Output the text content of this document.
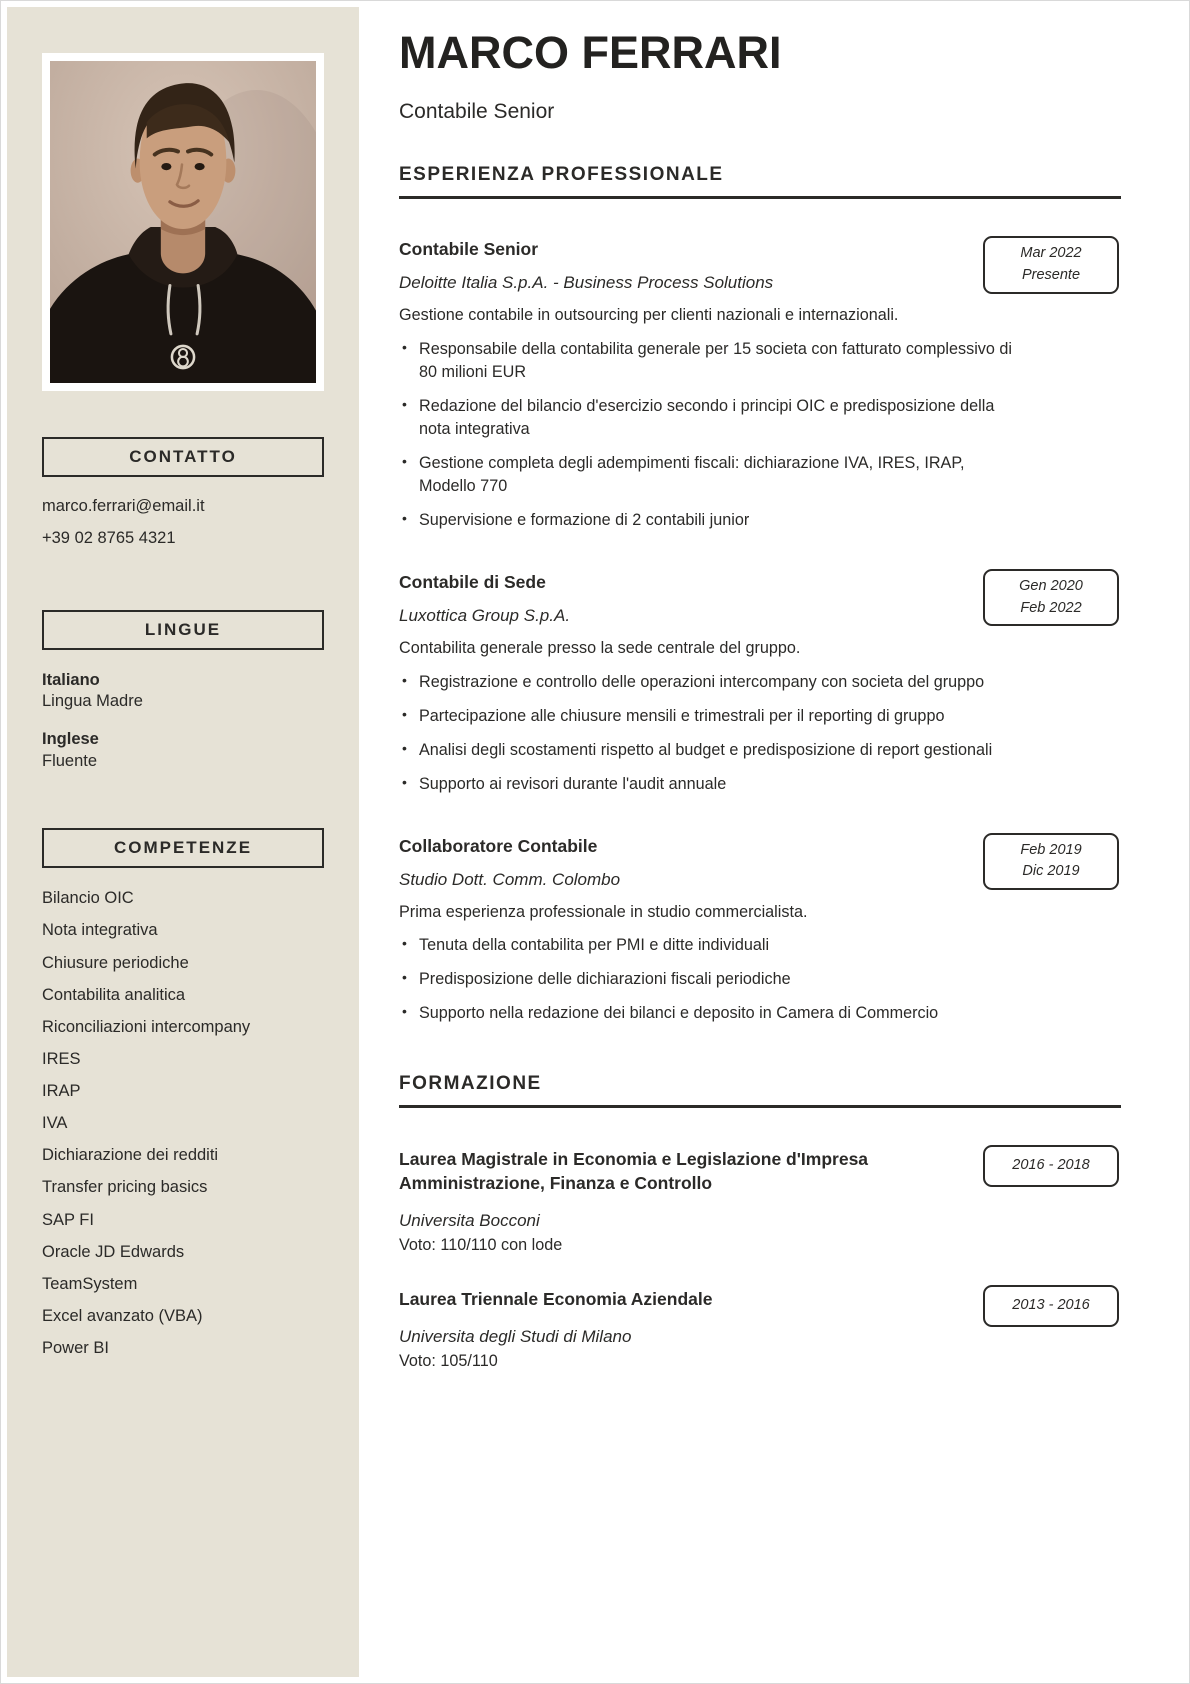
CONTATTO
marco.ferrari@email.it
+39 02 8765 4321
LINGUE
Italiano
Lingua Madre
Inglese
Fluente
COMPETENZE
Bilancio OIC
Nota integrativa
Chiusure periodiche
Contabilita analitica
Riconciliazioni intercompany
IRES
IRAP
IVA
Dichiarazione dei redditi
Transfer pricing basics
SAP FI
Oracle JD Edwards
TeamSystem
Excel avanzato (VBA)
Power BI
MARCO FERRARI
Contabile Senior
ESPERIENZA PROFESSIONALE
Mar 2022
Presente
Contabile Senior
Deloitte Italia S.p.A. - Business Process Solutions

Gestione contabile in outsourcing per clienti nazionali e internazionali.

• Responsabile della contabilita generale per 15 societa con fatturato complessivo di 80 milioni EUR
• Redazione del bilancio d'esercizio secondo i principi OIC e predisposizione della nota integrativa
• Gestione completa degli adempimenti fiscali: dichiarazione IVA, IRES, IRAP, Modello 770
• Supervisione e formazione di 2 contabili junior
Gen 2020
Feb 2022
Contabile di Sede
Luxottica Group S.p.A.

Contabilita generale presso la sede centrale del gruppo.

• Registrazione e controllo delle operazioni intercompany con societa del gruppo
• Partecipazione alle chiusure mensili e trimestrali per il reporting di gruppo
• Analisi degli scostamenti rispetto al budget e predisposizione di report gestionali
• Supporto ai revisori durante l'audit annuale
Feb 2019
Dic 2019
Collaboratore Contabile
Studio Dott. Comm. Colombo

Prima esperienza professionale in studio commercialista.

• Tenuta della contabilita per PMI e ditte individuali
• Predisposizione delle dichiarazioni fiscali periodiche
• Supporto nella redazione dei bilanci e deposito in Camera di Commercio
FORMAZIONE
2016 - 2018
Laurea Magistrale in Economia e Legislazione d'Impresa
Amministrazione, Finanza e Controllo
Universita Bocconi
Voto: 110/110 con lode
2013 - 2016
Laurea Triennale Economia Aziendale
Universita degli Studi di Milano
Voto: 105/110
